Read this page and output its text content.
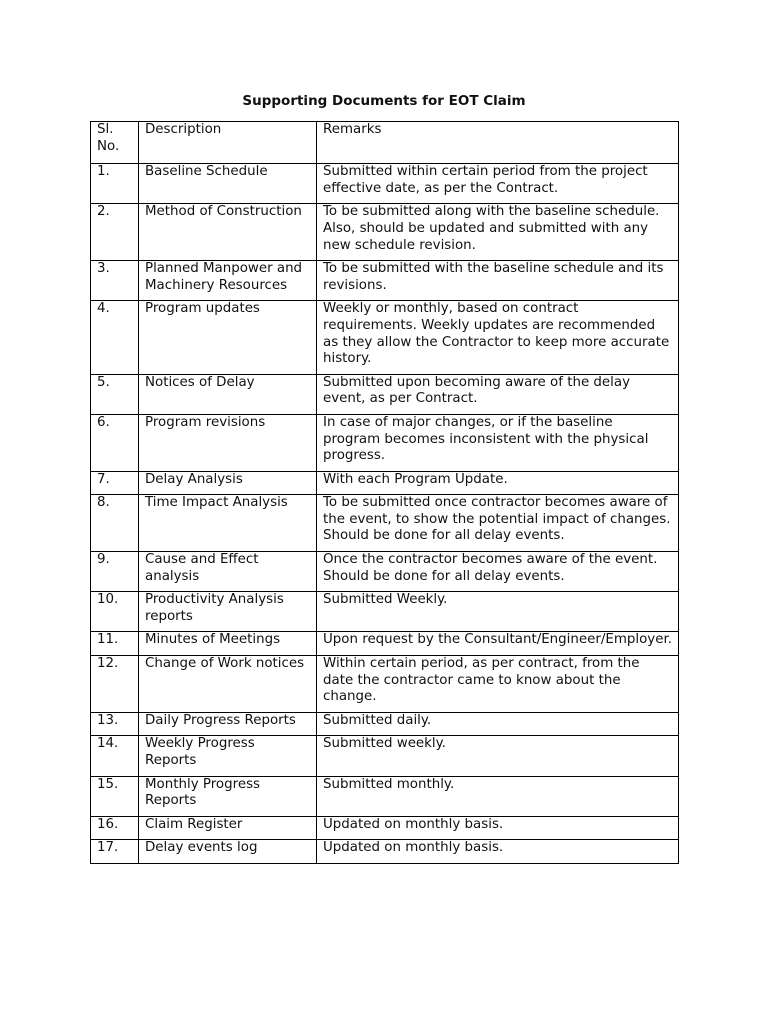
Supporting Documents for EOT Claim
Sl. No.	Description	Remarks
1.	Baseline Schedule	Submitted within certain period from the project effective date, as per the Contract.
2.	Method of Construction	To be submitted along with the baseline schedule. Also, should be updated and submitted with any new schedule revision.
3.	Planned Manpower and Machinery Resources	To be submitted with the baseline schedule and its revisions.
4.	Program updates	Weekly or monthly, based on contract requirements. Weekly updates are recommended as they allow the Contractor to keep more accurate history.
5.	Notices of Delay	Submitted upon becoming aware of the delay event, as per Contract.
6.	Program revisions	In case of major changes, or if the baseline program becomes inconsistent with the physical progress.
7.	Delay Analysis	With each Program Update.
8.	Time Impact Analysis	To be submitted once contractor becomes aware of the event, to show the potential impact of changes. Should be done for all delay events.
9.	Cause and Effect analysis	Once the contractor becomes aware of the event. Should be done for all delay events.
10.	Productivity Analysis reports	Submitted Weekly.
11.	Minutes of Meetings	Upon request by the Consultant/Engineer/Employer.
12.	Change of Work notices	Within certain period, as per contract, from the date the contractor came to know about the change.
13.	Daily Progress Reports	Submitted daily.
14.	Weekly Progress Reports	Submitted weekly.
15.	Monthly Progress Reports	Submitted monthly.
16.	Claim Register	Updated on monthly basis.
17.	Delay events log	Updated on monthly basis.
